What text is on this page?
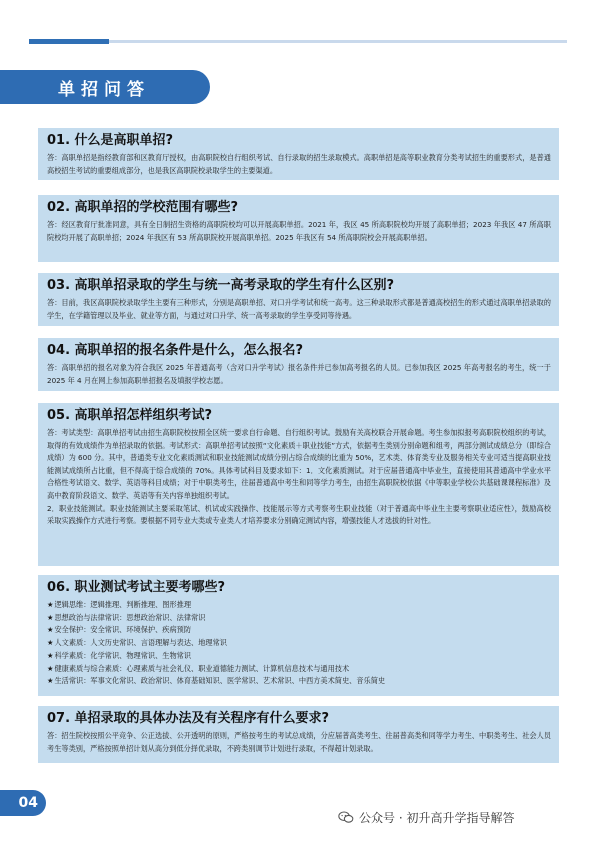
单招问答

01. 什么是高职单招?

答：高职单招是指经教育部和区教育厅授权，由高职院校自行组织考试、自行录取的招生录取模式。高职单招是高等职业教育分类考试招生的重要形式，是普通高校招生考试的重要组成部分，也是我区高职院校录取学生的主要渠道。

02. 高职单招的学校范围有哪些?

答：经区教育厅批准同意，具有全日制招生资格的高职院校均可以开展高职单招。2021 年，我区 45 所高职院校均开展了高职单招；2023 年我区 47 所高职院校均开展了高职单招；2024 年我区有 53 所高职院校开展高职单招。2025 年我区有 54 所高职院校会开展高职单招。

03. 高职单招录取的学生与统一高考录取的学生有什么区别?

答：目前，我区高职院校录取学生主要有三种形式，分别是高职单招、对口升学考试和统一高考。这三种录取形式都是普通高校招生的形式通过高职单招录取的学生，在学籍管理以及毕业、就业等方面，与通过对口升学、统一高考录取的学生享受同等待遇。

04. 高职单招的报名条件是什么，怎么报名?

答：高职单招的报名对象为符合我区 2025 年普通高考（含对口升学考试）报名条件并已参加高考报名的人员。已参加我区 2025 年高考报名的考生，统一于 2025 年 4 月在网上参加高职单招报名及填报学校志愿。

05. 高职单招怎样组织考试?

答：考试类型：高职单招考试由招生高职院校按照全区统一要求自行命题、自行组织考试。鼓励有关高校联合开展命题。考生参加拟报考高职院校组织的考试，取得的有效成绩作为单招录取的依据。考试形式：高职单招考试按照“文化素质＋职业技能”方式，依据考生类别分别命题和组考，两部分测试成绩总分（即综合成绩）为 600 分。其中，普通类专业文化素质测试和职业技能测试成绩分别占综合成绩的比重为 50%，艺术类、体育类专业及服务相关专业可适当提高职业技能测试成绩所占比重，但不得高于综合成绩的 70%。具体考试科目及要求如下：1．文化素质测试。对于应届普通高中毕业生，直接使用其普通高中学业水平合格性考试语文、数学、英语等科目成绩；对于中职类考生，往届普通高中考生和同等学力考生，由招生高职院校依据《中等职业学校公共基础课课程标准》及高中教育阶段语文、数学、英语等有关内容单独组织考试。

2．职业技能测试。职业技能测试主要采取笔试、机试或实践操作、技能展示等方式考察考生职业技能（对于普通高中毕业生主要考察职业适应性），鼓励高校采取实践操作方式进行考察。要根据不同专业大类或专业类人才培养要求分别确定测试内容，增强技能人才选拔的针对性。

06. 职业测试考试主要考哪些?

★逻辑思维：逻辑推理、判断推理、图形推理
★思想政治与法律常识：思想政治常识、法律常识
★安全保护：安全常识、环境保护、疾病预防
★人文素质：人文历史常识、言语理解与表达、地理常识
★科学素质：化学常识、物理常识、生物常识
★健康素质与综合素质：心理素质与社会礼仪、职业道德能力测试、计算机信息技术与通用技术
★生活常识：军事文化常识、政治常识、体育基础知识、医学常识、艺术常识、中西方美术简史、音乐简史

07. 单招录取的具体办法及有关程序有什么要求?

答：招生院校按照公平竞争、公正选拔、公开透明的原则，严格按考生的考试总成绩，分应届普高类考生、往届普高类和同等学力考生、中职类考生、社会人员考生等类别，严格按照单招计划从高分到低分择优录取，不跨类别调节计划进行录取，不得超计划录取。

04
公众号 · 初升高升学指导解答
